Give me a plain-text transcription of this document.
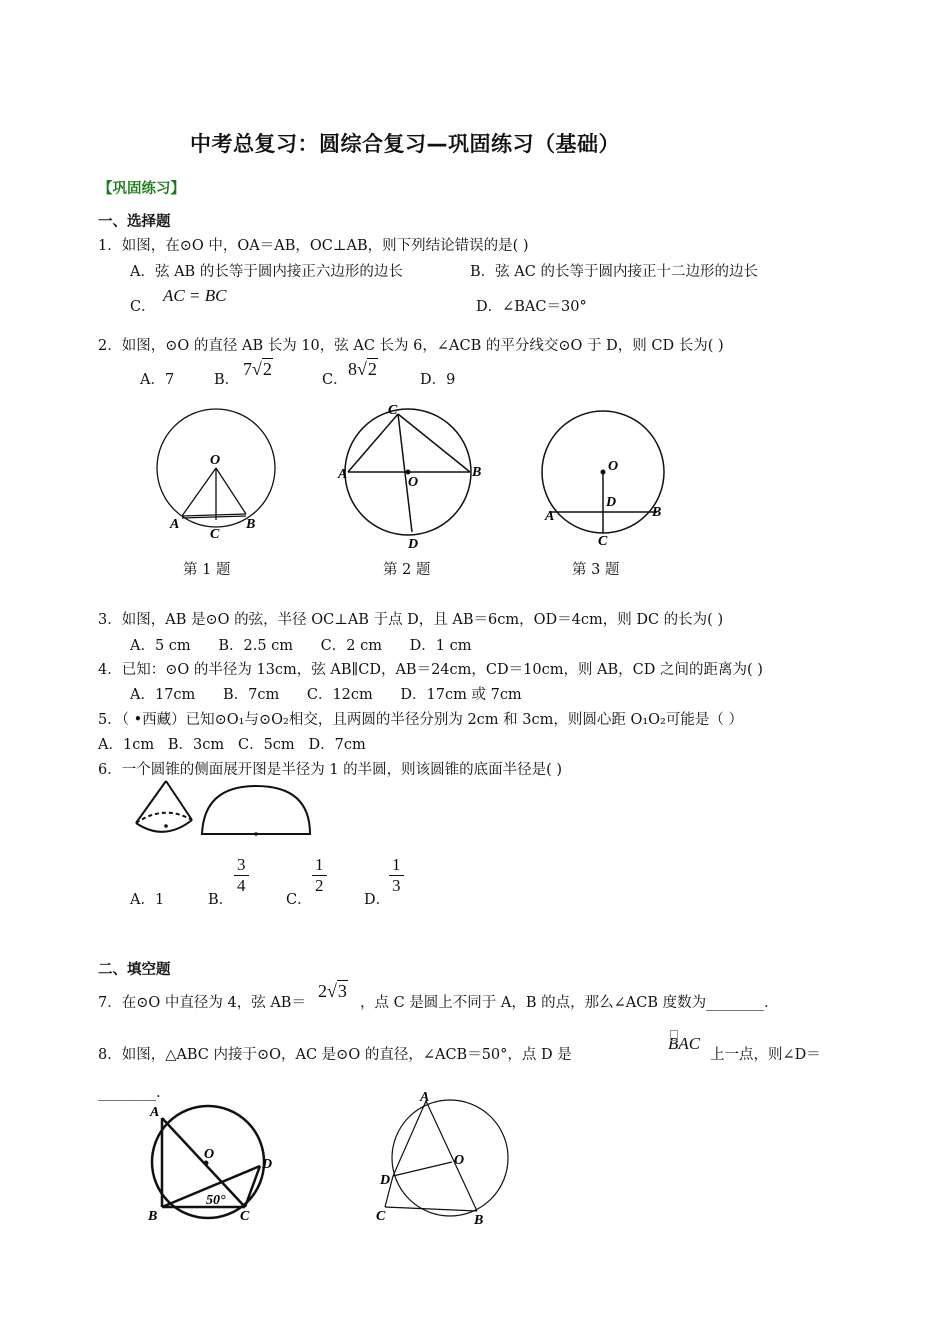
中考总复习：圆综合复习—巩固练习（基础）
【巩固练习】
一、选择题
1．如图，在⊙O 中，OA＝AB，OC⊥AB，则下列结论错误的是( )
A．弦 AB 的长等于圆内接正六边形的边长	B．弦 AC 的长等于圆内接正十二边形的边长
C．
AC = BC
D．∠BAC＝30°
2．如图，⊙O 的直径 AB 长为 10，弦 AC 长为 6，∠ACB 的平分线交⊙O 于 D，则 CD 长为( )
A．7	B．
7√2
C．
8√2
D．9
O
A	B
C
C
A
O
B
D
O
D
A	B
C
第 1 题	第 2 题	第 3 题
3．如图，AB 是⊙O 的弦，半径 OC⊥AB 于点 D，且 AB＝6cm，OD＝4cm，则 DC 的长为( )
A．5 cm      B．2.5 cm      C．2 cm      D．1 cm
4．已知：⊙O 的半径为 13cm，弦 AB∥CD，AB＝24cm，CD＝10cm，则 AB，CD 之间的距离为( )
A．17cm      B．7cm      C．12cm      D．17cm 或 7cm
5．（ •西藏）已知⊙O₁与⊙O₂相交，且两圆的半径分别为 2cm 和 3cm，则圆心距 O₁O₂可能是（ ）
A．1cm   B．3cm   C．5cm   D．7cm
6．一个圆锥的侧面展开图是半径为 1 的半圆，则该圆锥的底面半径是( )
A．1	B．
$\frac{3}{4}$
C．
$\frac{1}{2}$
D．
$\frac{1}{3}$
二、填空题
7．在⊙O 中直径为 4，弦 AB＝
2√3
，点 C 是圆上不同于 A，B 的点，那么∠ACB 度数为________．
8．如图，△ABC 内接于⊙O，AC 是⊙O 的直径，∠ACB＝50°，点 D 是
BAC
上一点，则∠D＝
________.
A
O
D
B	C
50°
A
O
D
C	B
